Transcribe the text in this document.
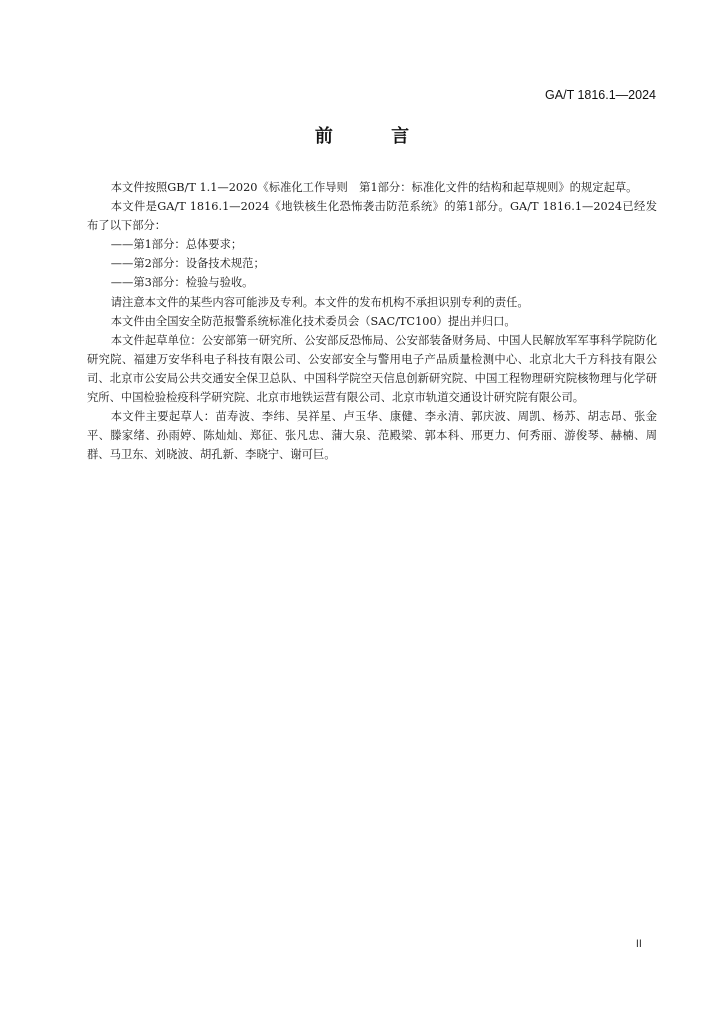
GA/T 1816.1—2024
前 言

本文件按照GB/T 1.1—2020《标准化工作导则　第1部分：标准化文件的结构和起草规则》的规定起草。

本文件是GA/T 1816.1—2024《地铁核生化恐怖袭击防范系统》的第1部分。GA/T 1816.1—2024已经发布了以下部分：

——第1部分：总体要求；

——第2部分：设备技术规范；

——第3部分：检验与验收。

请注意本文件的某些内容可能涉及专利。本文件的发布机构不承担识别专利的责任。

本文件由全国安全防范报警系统标准化技术委员会（SAC/TC100）提出并归口。

本文件起草单位：公安部第一研究所、公安部反恐怖局、公安部装备财务局、中国人民解放军军事科学院防化研究院、福建万安华科电子科技有限公司、公安部安全与警用电子产品质量检测中心、北京北大千方科技有限公司、北京市公安局公共交通安全保卫总队、中国科学院空天信息创新研究院、中国工程物理研究院核物理与化学研究所、中国检验检疫科学研究院、北京市地铁运营有限公司、北京市轨道交通设计研究院有限公司。

本文件主要起草人：苗寿波、李纬、吴祥星、卢玉华、康健、李永清、郭庆波、周凯、杨苏、胡志昂、张金平、滕家绪、孙雨婷、陈灿灿、郑征、张凡忠、蒲大泉、范殿梁、郭本科、邢更力、何秀丽、游俊琴、赫楠、周群、马卫东、刘晓波、胡孔新、李晓宁、谢可巨。

II
